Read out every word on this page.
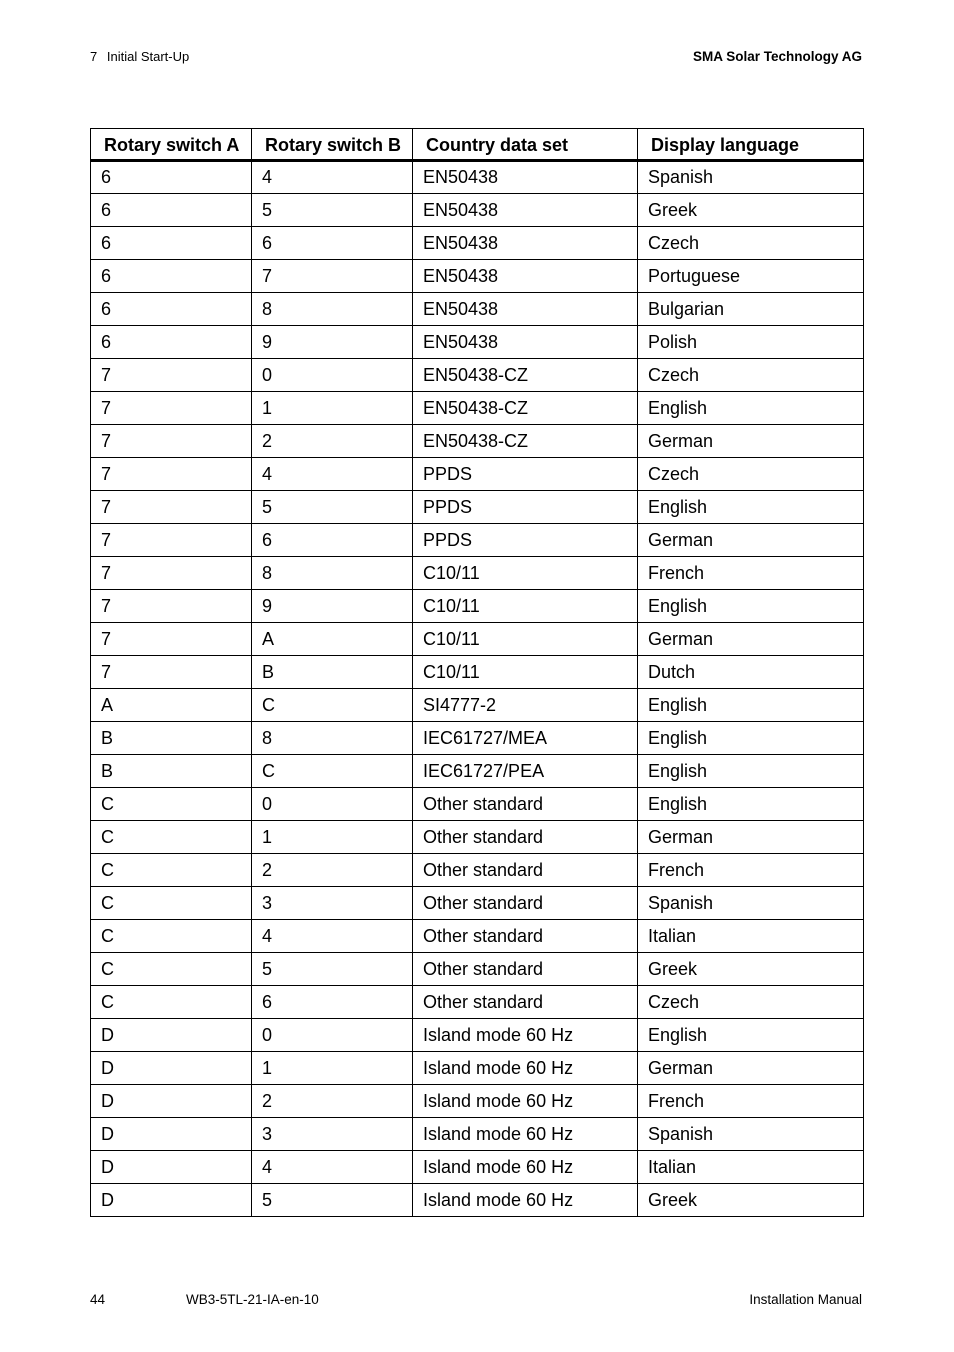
7 Initial Start-Up	SMA Solar Technology AG
Rotary switch A	Rotary switch B	Country data set	Display language
6	4	EN50438	Spanish
6	5	EN50438	Greek
6	6	EN50438	Czech
6	7	EN50438	Portuguese
6	8	EN50438	Bulgarian
6	9	EN50438	Polish
7	0	EN50438-CZ	Czech
7	1	EN50438-CZ	English
7	2	EN50438-CZ	German
7	4	PPDS	Czech
7	5	PPDS	English
7	6	PPDS	German
7	8	C10/11	French
7	9	C10/11	English
7	A	C10/11	German
7	B	C10/11	Dutch
A	C	SI4777-2	English
B	8	IEC61727/MEA	English
B	C	IEC61727/PEA	English
C	0	Other standard	English
C	1	Other standard	German
C	2	Other standard	French
C	3	Other standard	Spanish
C	4	Other standard	Italian
C	5	Other standard	Greek
C	6	Other standard	Czech
D	0	Island mode 60 Hz	English
D	1	Island mode 60 Hz	German
D	2	Island mode 60 Hz	French
D	3	Island mode 60 Hz	Spanish
D	4	Island mode 60 Hz	Italian
D	5	Island mode 60 Hz	Greek
44	WB3-5TL-21-IA-en-10	Installation Manual
